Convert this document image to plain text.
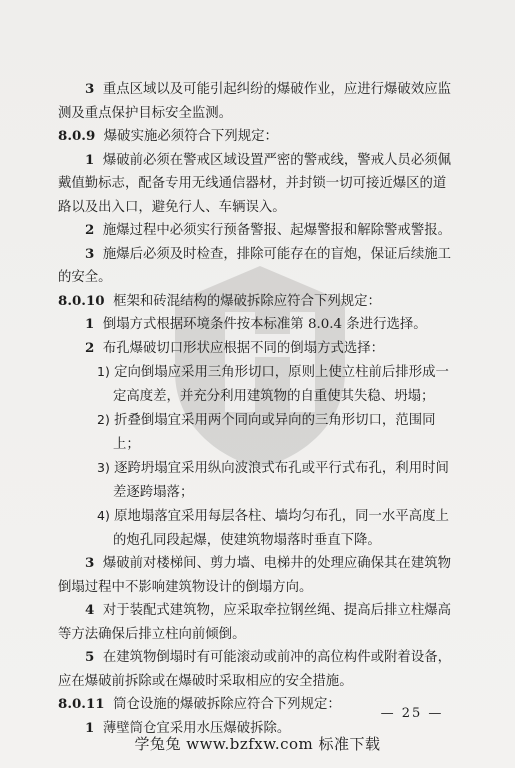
3 重点区域以及可能引起纠纷的爆破作业，应进行爆破效应监测及重点保护目标安全监测。

8.0.9 爆破实施必须符合下列规定：

1 爆破前必须在警戒区域设置严密的警戒线，警戒人员必须佩戴值勤标志，配备专用无线通信器材，并封锁一切可接近爆区的道路以及出入口，避免行人、车辆误入。

2 施爆过程中必须实行预备警报、起爆警报和解除警戒警报。

3 施爆后必须及时检查，排除可能存在的盲炮，保证后续施工的安全。

8.0.10 框架和砖混结构的爆破拆除应符合下列规定：

1 倒塌方式根据环境条件按本标准第 8.0.4 条进行选择。

2 布孔爆破切口形状应根据不同的倒塌方式选择：

1) 定向倒塌应采用三角形切口，原则上使立柱前后排形成一定高度差，并充分利用建筑物的自重使其失稳、坍塌；

2) 折叠倒塌宜采用两个同向或异向的三角形切口，范围同上；

3) 逐跨坍塌宜采用纵向波浪式布孔或平行式布孔，利用时间差逐跨塌落；

4) 原地塌落宜采用每层各柱、墙均匀布孔，同一水平高度上的炮孔同段起爆，使建筑物塌落时垂直下降。

3 爆破前对楼梯间、剪力墙、电梯井的处理应确保其在建筑物倒塌过程中不影响建筑物设计的倒塌方向。

4 对于装配式建筑物，应采取牵拉钢丝绳、提高后排立柱爆高等方法确保后排立柱向前倾倒。

5 在建筑物倒塌时有可能滚动或前冲的高位构件或附着设备，应在爆破前拆除或在爆破时采取相应的安全措施。

8.0.11 筒仓设施的爆破拆除应符合下列规定：

1 薄壁筒仓宜采用水压爆破拆除。

— 25 —
学兔兔 www.bzfxw.com 标准下载
